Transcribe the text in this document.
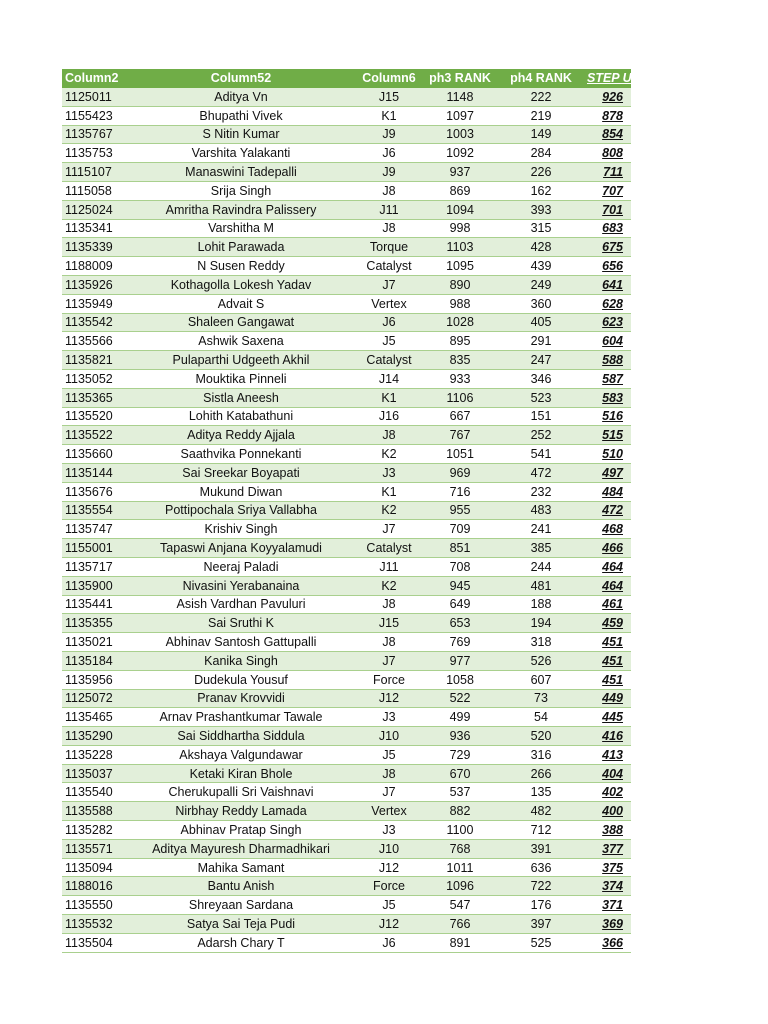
Column2	Column52	Column6	ph3 RANK	ph4 RANK	STEP UP IN
1125011	Aditya Vn	J15	1148	222	926
1155423	Bhupathi Vivek	K1	1097	219	878
1135767	S Nitin Kumar	J9	1003	149	854
1135753	Varshita Yalakanti	J6	1092	284	808
1115107	Manaswini Tadepalli	J9	937	226	711
1115058	Srija Singh	J8	869	162	707
1125024	Amritha Ravindra Palissery	J11	1094	393	701
1135341	Varshitha M	J8	998	315	683
1135339	Lohit Parawada	Torque	1103	428	675
1188009	N Susen Reddy	Catalyst	1095	439	656
1135926	Kothagolla Lokesh Yadav	J7	890	249	641
1135949	Advait S	Vertex	988	360	628
1135542	Shaleen Gangawat	J6	1028	405	623
1135566	Ashwik Saxena	J5	895	291	604
1135821	Pulaparthi Udgeeth Akhil	Catalyst	835	247	588
1135052	Mouktika Pinneli	J14	933	346	587
1135365	Sistla Aneesh	K1	1106	523	583
1135520	Lohith Katabathuni	J16	667	151	516
1135522	Aditya Reddy Ajjala	J8	767	252	515
1135660	Saathvika Ponnekanti	K2	1051	541	510
1135144	Sai Sreekar Boyapati	J3	969	472	497
1135676	Mukund Diwan	K1	716	232	484
1135554	Pottipochala Sriya Vallabha	K2	955	483	472
1135747	Krishiv Singh	J7	709	241	468
1155001	Tapaswi Anjana Koyyalamudi	Catalyst	851	385	466
1135717	Neeraj Paladi	J11	708	244	464
1135900	Nivasini Yerabanaina	K2	945	481	464
1135441	Asish Vardhan Pavuluri	J8	649	188	461
1135355	Sai Sruthi K	J15	653	194	459
1135021	Abhinav Santosh Gattupalli	J8	769	318	451
1135184	Kanika Singh	J7	977	526	451
1135956	Dudekula Yousuf	Force	1058	607	451
1125072	Pranav Krovvidi	J12	522	73	449
1135465	Arnav Prashantkumar Tawale	J3	499	54	445
1135290	Sai Siddhartha Siddula	J10	936	520	416
1135228	Akshaya Valgundawar	J5	729	316	413
1135037	Ketaki Kiran Bhole	J8	670	266	404
1135540	Cherukupalli Sri Vaishnavi	J7	537	135	402
1135588	Nirbhay Reddy Lamada	Vertex	882	482	400
1135282	Abhinav Pratap Singh	J3	1100	712	388
1135571	Aditya Mayuresh Dharmadhikari	J10	768	391	377
1135094	Mahika Samant	J12	1011	636	375
1188016	Bantu Anish	Force	1096	722	374
1135550	Shreyaan Sardana	J5	547	176	371
1135532	Satya Sai Teja Pudi	J12	766	397	369
1135504	Adarsh Chary T	J6	891	525	366
